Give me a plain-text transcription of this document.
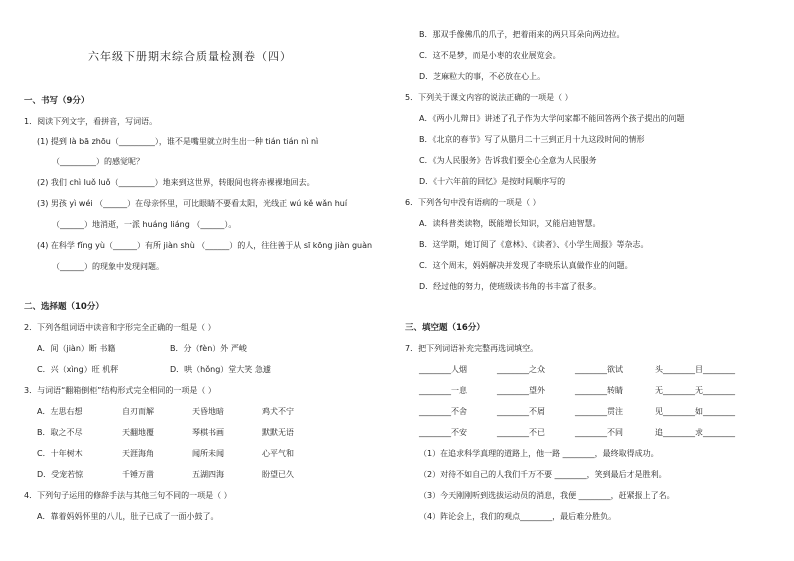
六年级下册期末综合质量检测卷（四）
一、书写（9分）
1．阅读下列文字，看拼音，写词语。
(1) 提到 là bā zhōu（_________），谁不是嘴里就立时生出一种 tián tián nì nì
（_________）的感觉呢？
(2) 我们 chì luǒ luǒ（_________）地来到这世界，转眼间也将赤裸裸地回去。
(3) 男孩 yì wéi （______）在母亲怀里，可比眼睛不要看太阳，光线正 wú kě wǎn huí
（______）地消逝，一派 huáng liáng （______）。
(4) 在科学 fǐng yù（______）有所 jiàn shù （______）的人，往往善于从 sī kōng jiàn guàn
（______）的现象中发现问题。
二、选择题（10分）
2．下列各组词语中读音和字形完全正确的一组是（ ）
A．间（jiàn）断 书籍	B．分（fèn）外 严峻
C．兴（xìng）旺 机秤	D．哄（hǒng）堂大笑 急遽
3．与词语“翻箱倒柜”结构形式完全相同的一项是（ ）
A．左思右想	自刃而解	天昏地暗	鸡犬不宁
B．取之不尽	天翻地覆	琴棋书画	默默无语
C．十年树木	天涯海角	闻所未闻	心平气和
D．受宠若惊	千锤万凿	五湖四海	盼望已久
4．下列句子运用的修辞手法与其他三句不同的一项是（ ）
A．靠着妈妈怀里的八儿，肚子已成了一面小鼓了。
B．那双手像佛爪的爪子，把着雨来的两只耳朵向两边拉。
C．这不是梦，而是小枣的农业展览会。
D．芝麻粒大的事，不必放在心上。
5．下列关于课文内容的说法正确的一项是（ ）
A．《两小儿辩日》讲述了孔子作为大学问家都不能回答两个孩子提出的问题
B．《北京的春节》写了从腊月二十三到正月十九这段时间的情形
C．《为人民服务》告诉我们要全心全意为人民服务
D．《十六年前的回忆》是按时间顺序写的
6．下列各句中没有语病的一项是（ ）
A．读科普类读物，既能增长知识，又能启迪智慧。
B．这学期，她订阅了《意林》、《读者》、《小学生周报》等杂志。
C．这个周末，妈妈解决并发现了李晓乐认真做作业的问题。
D．经过他的努力，使班级读书角的书丰富了很多。
三、填空题（16分）
7．把下列词语补充完整再选词填空。
________人烟	________之众	________欲试	头________目________
________一息	________望外	________转睛	无________无________
________不舍	________不屑	________贯注	见________如________
________不安	________不已	________不同	追________求________
（1）在追求科学真理的道路上，他一路 ________，最终取得成功。
（2）对待不如自己的人我们千万不要 ________，笑到最后才是胜利。
（3）今天刚刚听到选拔运动员的消息，我便 ________，赶紧报上了名。
（4）阵论会上，我们的观点________，最后难分胜负。
